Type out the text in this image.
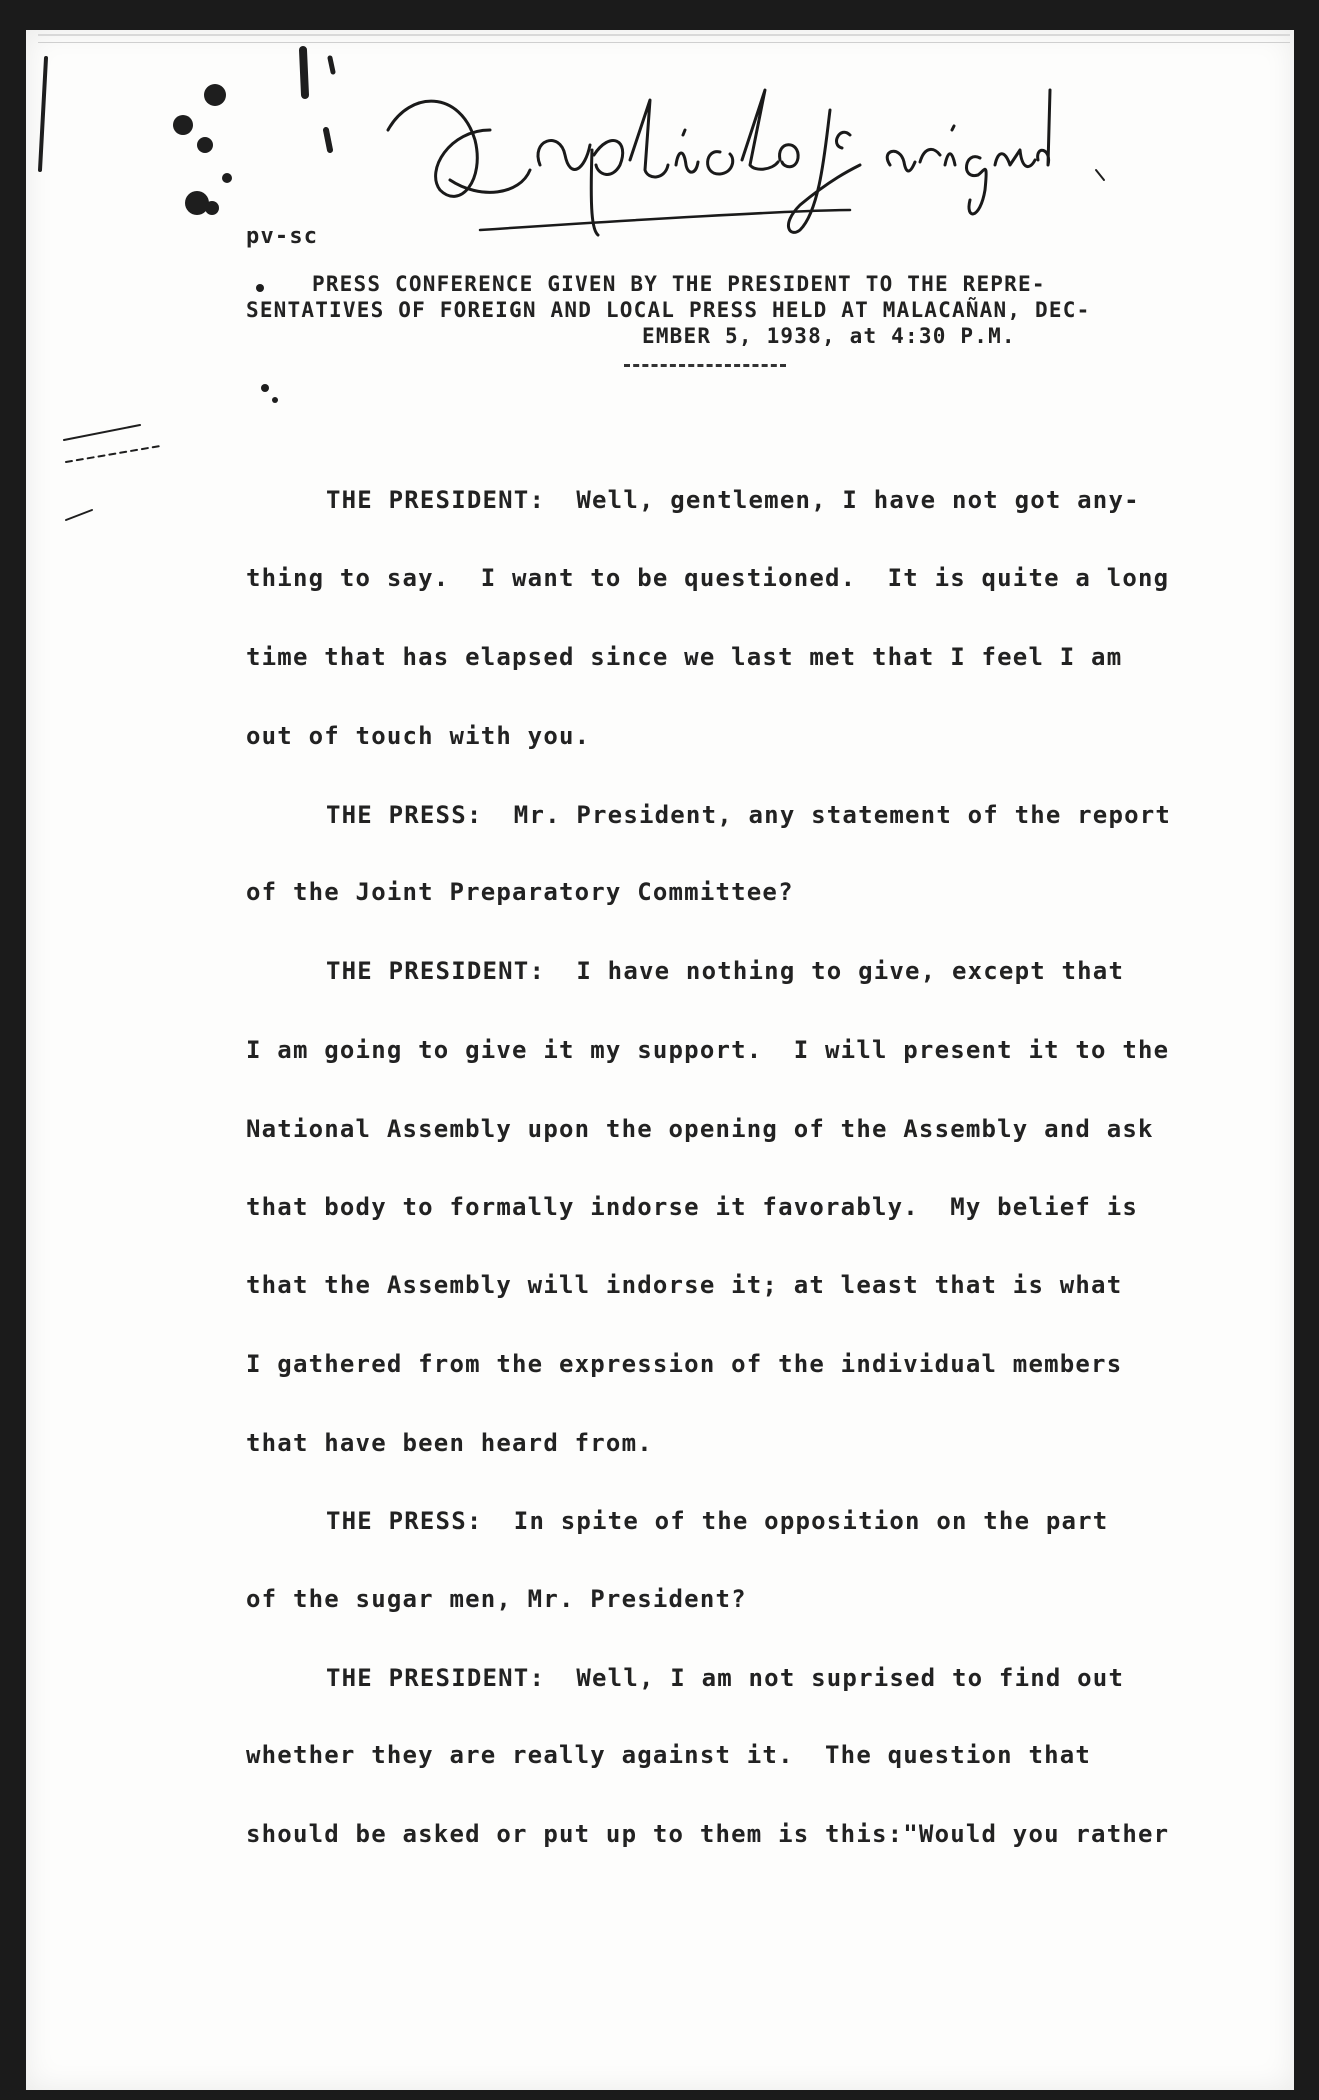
pv-sc
PRESS CONFERENCE GIVEN BY THE PRESIDENT TO THE REPRE-
SENTATIVES OF FOREIGN AND LOCAL PRESS HELD AT MALACAÑAN, DEC-
EMBER 5, 1938, at 4:30 P.M.
THE PRESIDENT:  Well, gentlemen, I have not got any-
thing to say.  I want to be questioned.  It is quite a long
time that has elapsed since we last met that I feel I am
out of touch with you.
THE PRESS:  Mr. President, any statement of the report
of the Joint Preparatory Committee?
THE PRESIDENT:  I have nothing to give, except that
I am going to give it my support.  I will present it to the
National Assembly upon the opening of the Assembly and ask
that body to formally indorse it favorably.  My belief is
that the Assembly will indorse it; at least that is what
I gathered from the expression of the individual members
that have been heard from.
THE PRESS:  In spite of the opposition on the part
of the sugar men, Mr. President?
THE PRESIDENT:  Well, I am not suprised to find out
whether they are really against it.  The question that
should be asked or put up to them is this:"Would you rather
